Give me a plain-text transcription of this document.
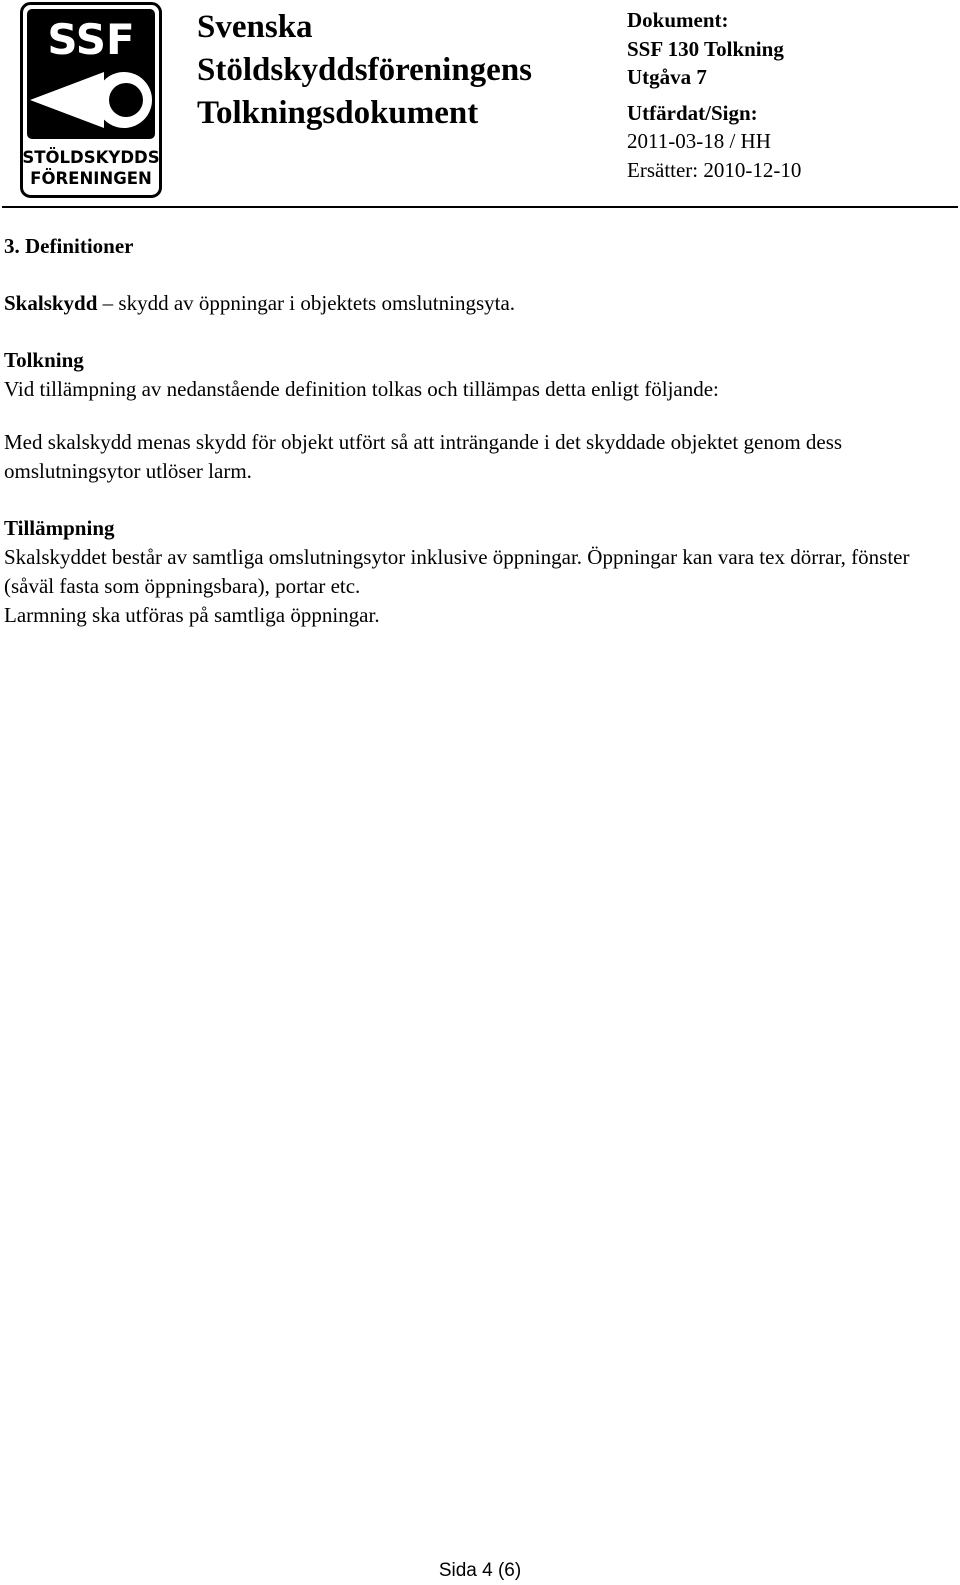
SSF
STÖLDSKYDDS
FÖRENINGEN
Svenska
Stöldskyddsföreningens
Tolkningsdokument
Dokument:
SSF 130 Tolkning
Utgåva 7
Utfärdat/Sign:
2011-03-18 / HH
Ersätter: 2010-12-10

3. Definitioner

Skalskydd – skydd av öppningar i objektets omslutningsyta.

Tolkning

Vid tillämpning av nedanstående definition tolkas och tillämpas detta enligt följande:

Med skalskydd menas skydd för objekt utfört så att inträngande i det skyddade objektet genom dess omslutningsytor utlöser larm.

Tillämpning

Skalskyddet består av samtliga omslutningsytor inklusive öppningar. Öppningar kan vara tex dörrar, fönster (såväl fasta som öppningsbara), portar etc.

Larmning ska utföras på samtliga öppningar.

Sida 4 (6)
